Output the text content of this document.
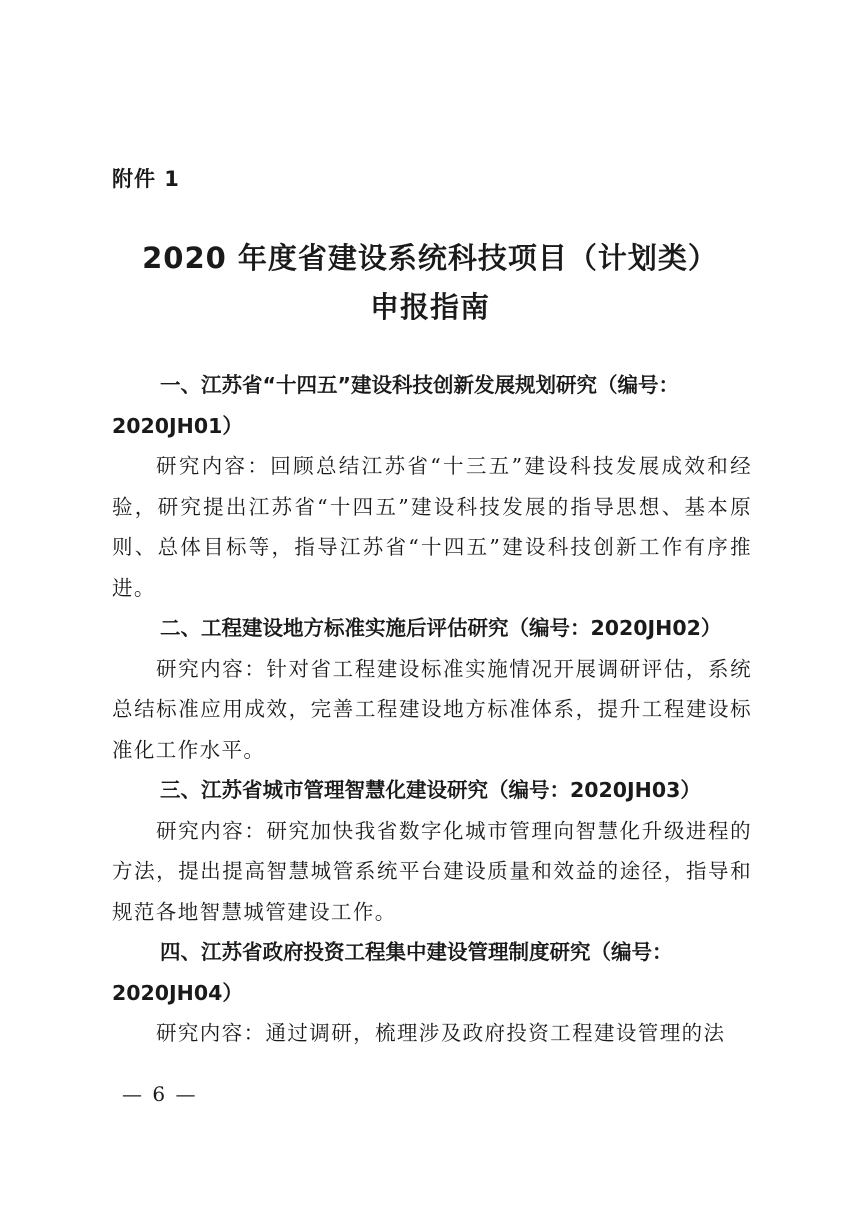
附件 1

2020 年度省建设系统科技项目（计划类）
申报指南

一、江苏省“十四五”建设科技创新发展规划研究（编号：2020JH01）

研究内容：回顾总结江苏省“十三五”建设科技发展成效和经验，研究提出江苏省“十四五”建设科技发展的指导思想、基本原则、总体目标等，指导江苏省“十四五”建设科技创新工作有序推进。

二、工程建设地方标准实施后评估研究（编号：2020JH02）

研究内容：针对省工程建设标准实施情况开展调研评估，系统总结标准应用成效，完善工程建设地方标准体系，提升工程建设标准化工作水平。

三、江苏省城市管理智慧化建设研究（编号：2020JH03）

研究内容：研究加快我省数字化城市管理向智慧化升级进程的方法，提出提高智慧城管系统平台建设质量和效益的途径，指导和规范各地智慧城管建设工作。

四、江苏省政府投资工程集中建设管理制度研究（编号：2020JH04）

研究内容：通过调研，梳理涉及政府投资工程建设管理的法

— 6 —
